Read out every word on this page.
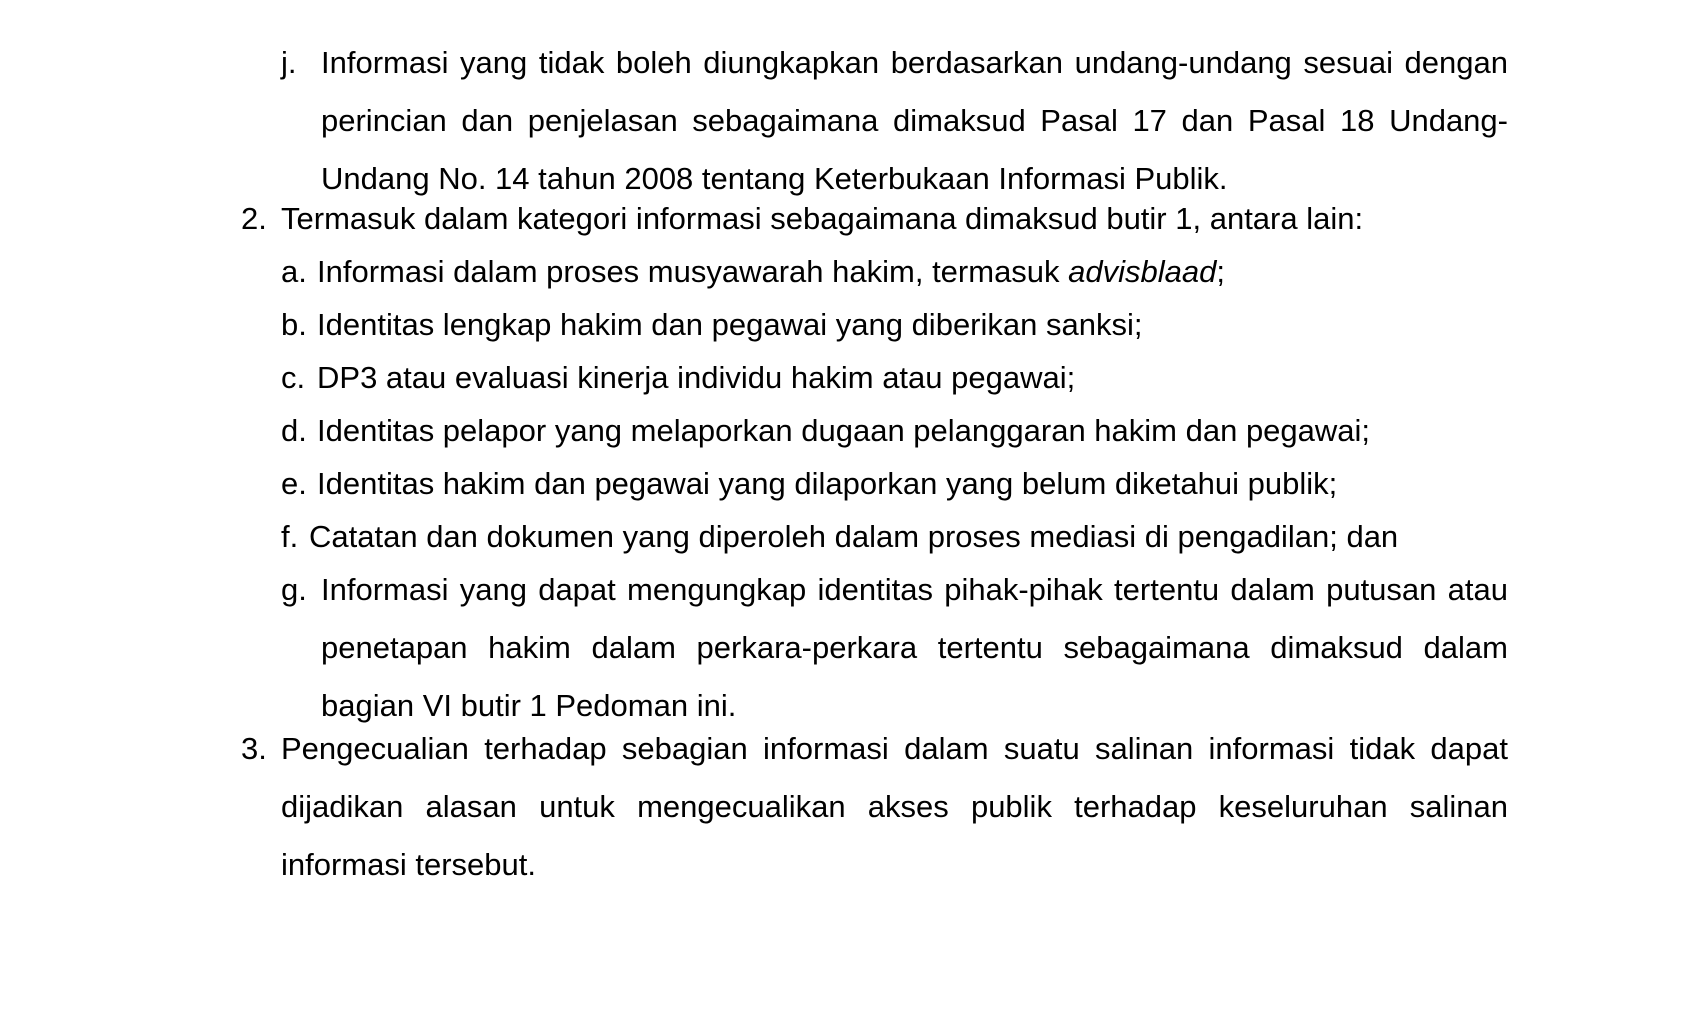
j. Informasi yang tidak boleh diungkapkan berdasarkan undang-undang sesuai dengan perincian dan penjelasan sebagaimana dimaksud Pasal 17 dan Pasal 18 Undang-Undang No. 14 tahun 2008 tentang Keterbukaan Informasi Publik.
2. Termasuk dalam kategori informasi sebagaimana dimaksud butir 1, antara lain:
a. Informasi dalam proses musyawarah hakim, termasuk advisblaad;
b. Identitas lengkap hakim dan pegawai yang diberikan sanksi;
c. DP3 atau evaluasi kinerja individu hakim atau pegawai;
d. Identitas pelapor yang melaporkan dugaan pelanggaran hakim dan pegawai;
e. Identitas hakim dan pegawai yang dilaporkan yang belum diketahui publik;
f. Catatan dan dokumen yang diperoleh dalam proses mediasi di pengadilan; dan
g. Informasi yang dapat mengungkap identitas pihak-pihak tertentu dalam putusan atau penetapan hakim dalam perkara-perkara tertentu sebagaimana dimaksud dalam bagian VI butir 1 Pedoman ini.
3. Pengecualian terhadap sebagian informasi dalam suatu salinan informasi tidak dapat dijadikan alasan untuk mengecualikan akses publik terhadap keseluruhan salinan informasi tersebut.
